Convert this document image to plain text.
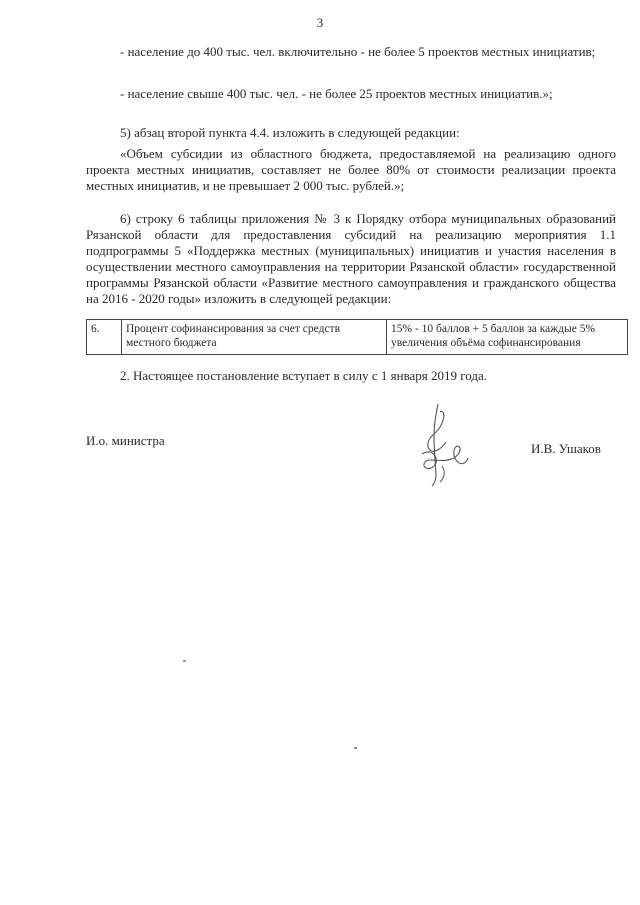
3

- население до 400 тыс. чел. включительно - не более 5 проектов местных инициатив;

- население свыше 400 тыс. чел. - не более 25 проектов местных инициатив.»;

5) абзац второй пункта 4.4. изложить в следующей редакции:

«Объем субсидии из областного бюджета, предоставляемой на реализацию одного проекта местных инициатив, составляет не более 80% от стоимости реализации проекта местных инициатив, и не превышает 2 000 тыс. рублей.»;

6) строку 6 таблицы приложения № 3 к Порядку отбора муниципальных образований Рязанской области для предоставления субсидий на реализацию мероприятия 1.1 подпрограммы 5 «Поддержка местных (муниципальных) инициатив и участия населения в осуществлении местного самоуправления на территории Рязанской области» государственной программы Рязанской области «Развитие местного самоуправления и гражданского общества на 2016 - 2020 годы» изложить в следующей редакции:

6.	Процент софинансирования за счет средств местного бюджета	15% - 10 баллов + 5 баллов за каждые 5% увеличения объёма софинансирования
2. Настоящее постановление вступает в силу с 1 января 2019 года.
И.о. министра
И.В. Ушаков
